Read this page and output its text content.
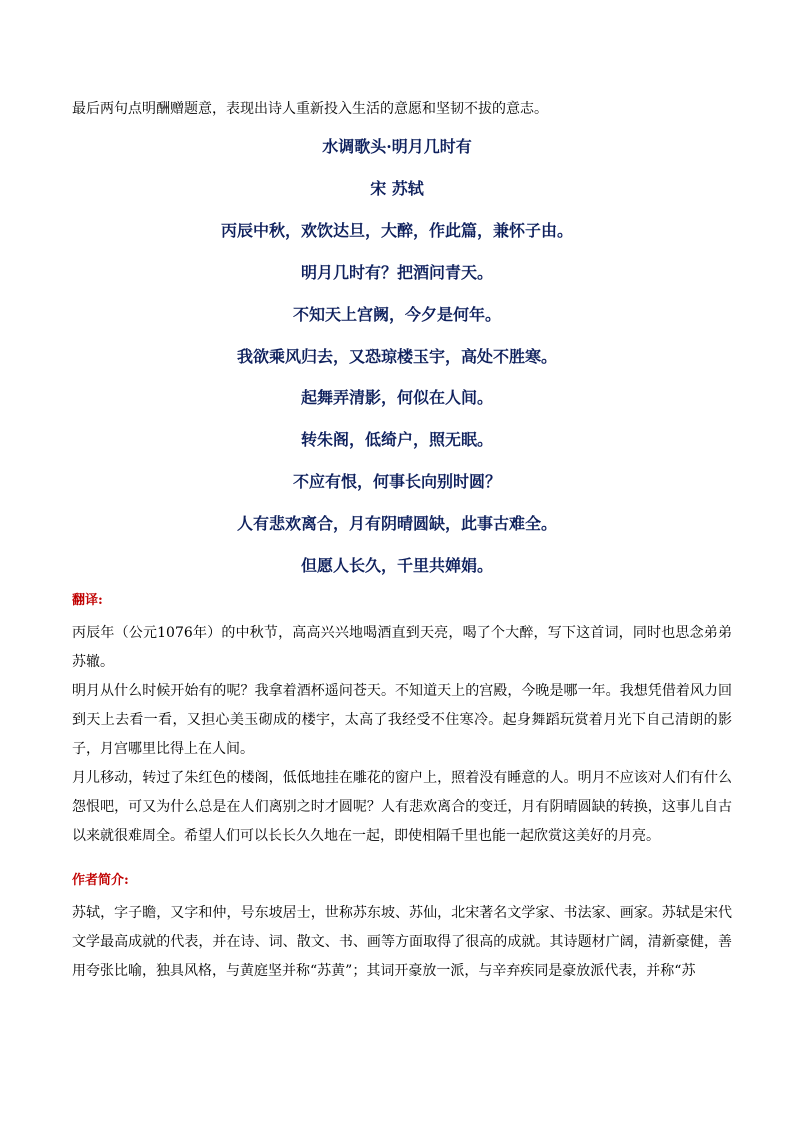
最后两句点明酬赠题意，表现出诗人重新投入生活的意愿和坚韧不拔的意志。
水调歌头·明月几时有
宋 苏轼
丙辰中秋，欢饮达旦，大醉，作此篇，兼怀子由。
明月几时有？把酒问青天。
不知天上宫阙，今夕是何年。
我欲乘风归去，又恐琼楼玉宇，高处不胜寒。
起舞弄清影，何似在人间。
转朱阁，低绮户，照无眠。
不应有恨，何事长向别时圆？
人有悲欢离合，月有阴晴圆缺，此事古难全。
但愿人长久，千里共婵娟。
翻译:
丙辰年（公元1076年）的中秋节，高高兴兴地喝酒直到天亮，喝了个大醉，写下这首词，同时也思念弟弟苏辙。
明月从什么时候开始有的呢？我拿着酒杯遥问苍天。不知道天上的宫殿，今晚是哪一年。我想凭借着风力回到天上去看一看，又担心美玉砌成的楼宇，太高了我经受不住寒冷。起身舞蹈玩赏着月光下自己清朗的影子，月宫哪里比得上在人间。
月儿移动，转过了朱红色的楼阁，低低地挂在雕花的窗户上，照着没有睡意的人。明月不应该对人们有什么怨恨吧，可又为什么总是在人们离别之时才圆呢？人有悲欢离合的变迁，月有阴晴圆缺的转换，这事儿自古以来就很难周全。希望人们可以长长久久地在一起，即使相隔千里也能一起欣赏这美好的月亮。
作者简介:
苏轼，字子瞻，又字和仲，号东坡居士，世称苏东坡、苏仙，北宋著名文学家、书法家、画家。苏轼是宋代文学最高成就的代表，并在诗、词、散文、书、画等方面取得了很高的成就。其诗题材广阔，清新豪健，善用夸张比喻，独具风格，与黄庭坚并称“苏黄”；其词开豪放一派，与辛弃疾同是豪放派代表，并称“苏
